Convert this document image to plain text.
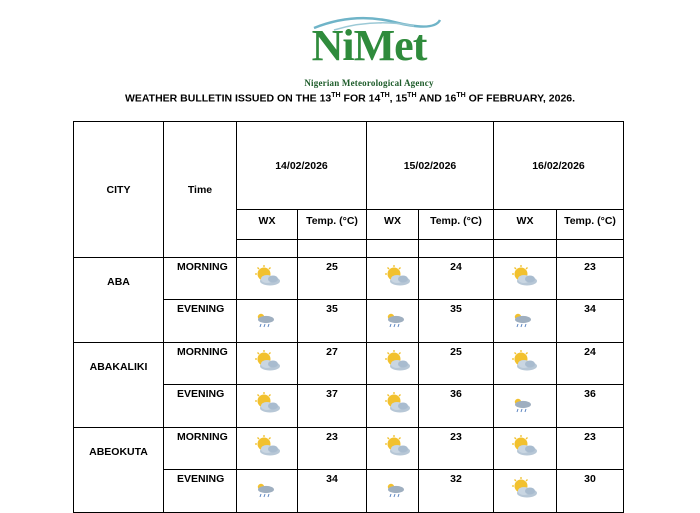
NiMet
Nigerian Meteorological Agency
WEATHER BULLETIN ISSUED ON THE 13TH FOR 14TH, 15TH AND 16TH OF FEBRUARY, 2026.
CITY	Time	14/02/2026		15/02/2026		16/02/2026	
		WX	Temp. (°C)	WX	Temp. (°C)	WX	Temp. (°C)

ABA	MORNING		25		24		23
	EVENING		35		35		34
ABAKALIKI	MORNING		27		25		24
	EVENING		37		36		36
ABEOKUTA	MORNING		23		23		23
	EVENING		34		32		30
